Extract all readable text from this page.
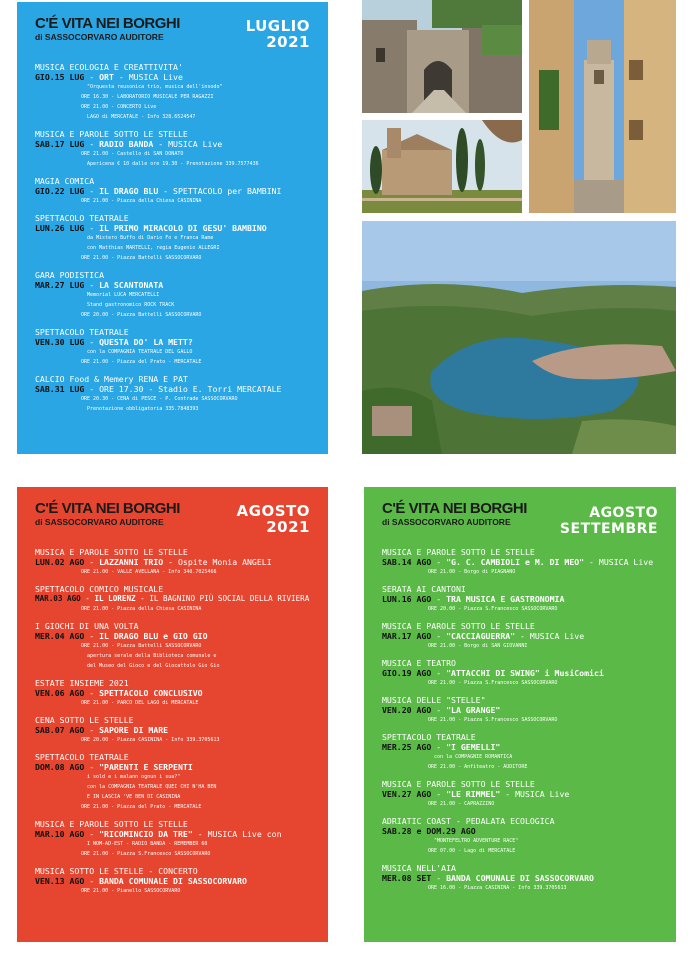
C'É VITA NEI BORGHI
di SASSOCORVARO AUDITORE
LUGLIO
2021
MUSICA ECOLOGIA E CREATTIVITA'
GIO.15 LUG - ORT - MUSICA Live
"Orquesta reusonica trio, musica dell'insodo"
ORE 16.30 - LABORATORIO MUSICALE PER RAGAZZI
ORE 21.00 - CONCERTO Live
LAGO di MERCATALE - Info 328.6524547
MUSICA E PAROLE SOTTO LE STELLE
SAB.17 LUG - RADIO BANDA - MUSICA Live
ORE 21.00 - Castello di SAN DONATO
Apericena € 10 dalle ore 19.30 - Prenotazione 339.7577436
MAGIA COMICA
GIO.22 LUG - IL DRAGO BLU - SPETTACOLO per BAMBINI
ORE 21.00 - Piazza della Chiesa CASININA
SPETTACOLO TEATRALE
LUN.26 LUG - IL PRIMO MIRACOLO DI GESU' BAMBINO
da Mistero Buffo di Dario Fo e Franca Rame
con Matthias MARTELLI, regia Eugenio ALLEGRI
ORE 21.00 - Piazza Battelli SASSOCORVARO
GARA PODISTICA
MAR.27 LUG - LA SCANTONATA
Memorial LUCA MERCATELLI
Stand gastronomico ROCK TRACK
ORE 20.00 - Piazza Battelli SASSOCORVARO
SPETTACOLO TEATRALE
VEN.30 LUG - QUESTA DO' LA METT?
con la COMPAGNIA TEATRALE DEL GALLO
ORE 21.00 - Piazza del Prato - MERCATALE
CALCIO Food & Memery RENA E PAT
SAB.31 LUG - ORE 17.30 - Stadio E. Torri MERCATALE
ORE 20.30 - CENA di PESCE - P. Contrade SASSOCORVARO
Prenotazione obbligatoria 335.7848393
C'É VITA NEI BORGHI
di SASSOCORVARO AUDITORE
AGOSTO
2021
MUSICA E PAROLE SOTTO LE STELLE
LUN.02 AGO - LAZZANNI TRIO - Ospite Monia ANGELI
ORE 21.00 - VALLE AVELLANA - Info 340.7025466
SPETTACOLO COMICO MUSICALE
MAR.03 AGO - IL LORENZ - IL BAGNINO PIÙ SOCIAL DELLA RIVIERA
ORE 21.00 - Piazza della Chiesa CASININA
I GIOCHI DI UNA VOLTA
MER.04 AGO - IL DRAGO BLU e GIO GIO
ORE 21.00 - Piazza Battelli SASSOCORVARO
apertura serale della Biblioteca comunale e
del Museo del Gioco e del Giocattolo Gio Gio
ESTATE INSIEME 2021
VEN.06 AGO - SPETTACOLO CONCLUSIVO
ORE 21.00 - PARCO DEL LAGO di MERCATALE
CENA SOTTO LE STELLE
SAB.07 AGO - SAPORE DI MARE
ORE 20.00 - Piazza CASININA - Info 339.3705613
SPETTACOLO TEATRALE
DOM.08 AGO - "PARENTI E SERPENTI
i sold e i malann ognun i sua?"
con la COMPAGNIA TEATRALE QUEI CHI N'HA BEN
E IN LASCIA 'VE BEN DI CASININA
ORE 21.00 - Piazza del Prato - MERCATALE
MUSICA E PAROLE SOTTO LE STELLE
MAR.10 AGO - "RICOMINCIO DA TRE" - MUSICA Live con
I NOM-AD-EST - RADIO BANDA - REMEMBER 60
ORE 21.00 - Piazza S.Francesco SASSOCORVARO
MUSICA SOTTO LE STELLE - CONCERTO
VEN.13 AGO - BANDA COMUNALE DI SASSOCORVARO
ORE 21.00 - Pianello SASSOCORVARO
C'É VITA NEI BORGHI
di SASSOCORVARO AUDITORE
AGOSTO
SETTEMBRE
MUSICA E PAROLE SOTTO LE STELLE
SAB.14 AGO - "G. C. CAMBIOLI e M. DI MEO" - MUSICA Live
ORE 21.00 - Borgo di PIAGNANO
SERATA AI CANTONI
LUN.16 AGO - TRA MUSICA E GASTRONOMIA
ORE 20.00 - Piazza S.Francesco SASSOCORVARO
MUSICA E PAROLE SOTTO LE STELLE
MAR.17 AGO - "CACCIAGUERRA" - MUSICA Live
ORE 21.00 - Borgo di SAN GIOVANNI
MUSICA E TEATRO
GIO.19 AGO - "ATTACCHI DI SWING" i MusiComici
ORE 21.00 - Piazza S.Francesco SASSOCORVARO
MUSICA DELLE "STELLE"
VEN.20 AGO - "LA GRANGE"
ORE 21.00 - Piazza S.Francesco SASSOCORVARO
SPETTACOLO TEATRALE
MER.25 AGO - "I GEMELLI"
con la COMPAGNIE ROMANTICA
ORE 21.00 - Anfiteatro - AUDITORE
MUSICA E PAROLE SOTTO LE STELLE
VEN.27 AGO - "LE RIMMEL" - MUSICA Live
ORE 21.00 - CAPRAZZINO
ADRIATIC COAST - PEDALATA ECOLOGICA
SAB.28 e DOM.29 AGO
"MONTEFELTRO ADVENTURE RACE"
ORE 07.00 - Lago di MERCATALE
MUSICA NELL'AIA
MER.08 SET - BANDA COMUNALE DI SASSOCORVARO
ORE 16.00 - Piazza CASININA - Info 339.3705613
